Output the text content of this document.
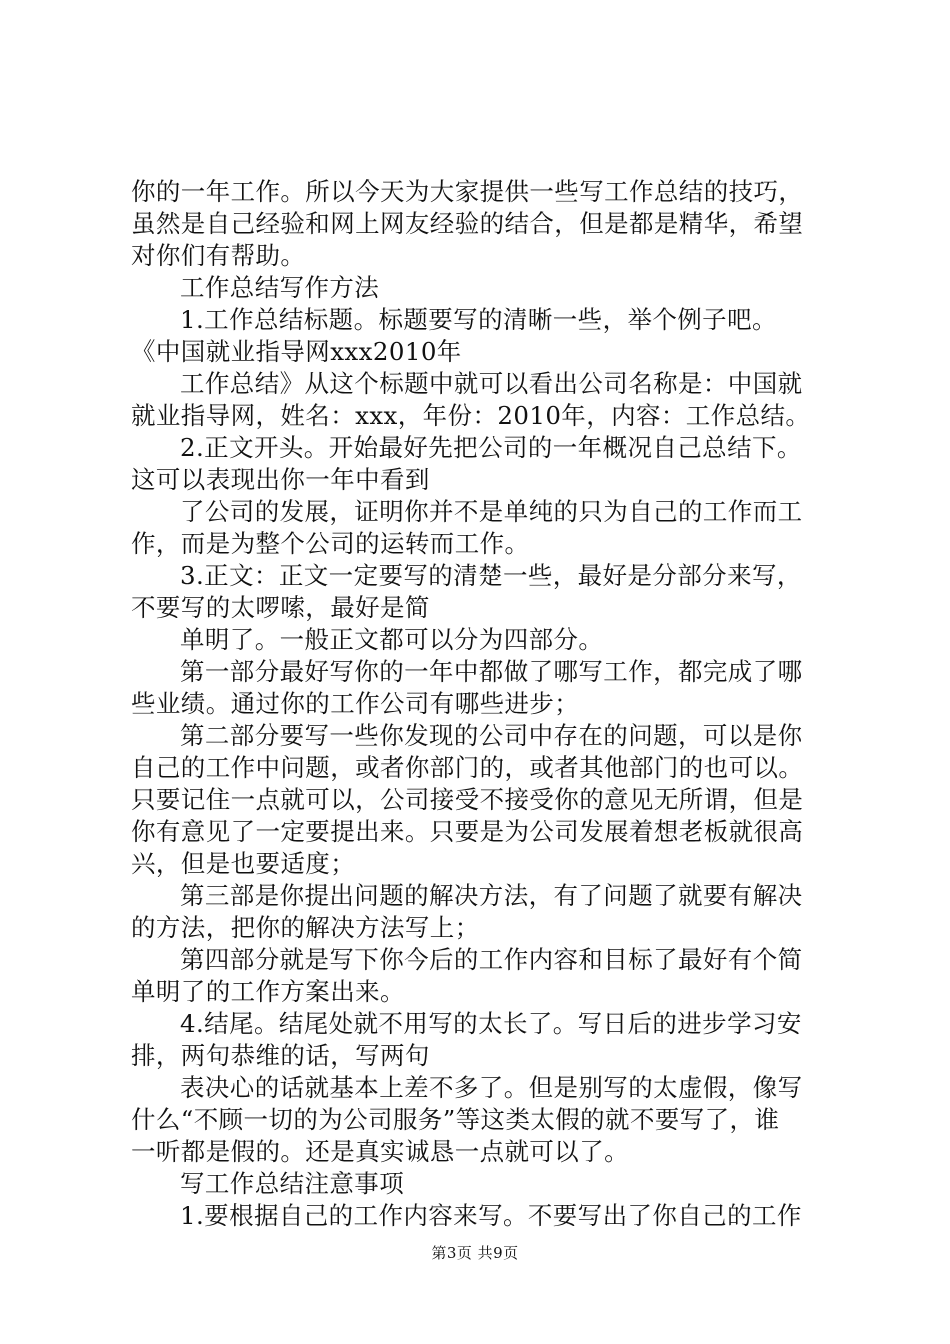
你的一年工作。所以今天为大家提供一些写工作总结的技巧，
虽然是自己经验和网上网友经验的结合，但是都是精华，希望
对你们有帮助。
工作总结写作方法
1.工作总结标题。标题要写的清晰一些，举个例子吧。
《中国就业指导网xxx2010年
工作总结》从这个标题中就可以看出公司名称是：中国就
就业指导网，姓名：xxx，年份：2010年，内容：工作总结。
2.正文开头。开始最好先把公司的一年概况自己总结下。
这可以表现出你一年中看到
了公司的发展，证明你并不是单纯的只为自己的工作而工
作，而是为整个公司的运转而工作。
3.正文：正文一定要写的清楚一些，最好是分部分来写，
不要写的太啰嗦，最好是简
单明了。一般正文都可以分为四部分。
第一部分最好写你的一年中都做了哪写工作，都完成了哪
些业绩。通过你的工作公司有哪些进步；
第二部分要写一些你发现的公司中存在的问题，可以是你
自己的工作中问题，或者你部门的，或者其他部门的也可以。
只要记住一点就可以，公司接受不接受你的意见无所谓，但是
你有意见了一定要提出来。只要是为公司发展着想老板就很高
兴，但是也要适度；
第三部是你提出问题的解决方法，有了问题了就要有解决
的方法，把你的解决方法写上；
第四部分就是写下你今后的工作内容和目标了最好有个简
单明了的工作方案出来。
4.结尾。结尾处就不用写的太长了。写日后的进步学习安
排，两句恭维的话，写两句
表决心的话就基本上差不多了。但是别写的太虚假，像写
什么“不顾一切的为公司服务”等这类太假的就不要写了，谁
一听都是假的。还是真实诚恳一点就可以了。
写工作总结注意事项
1.要根据自己的工作内容来写。不要写出了你自己的工作
第3页 共9页
